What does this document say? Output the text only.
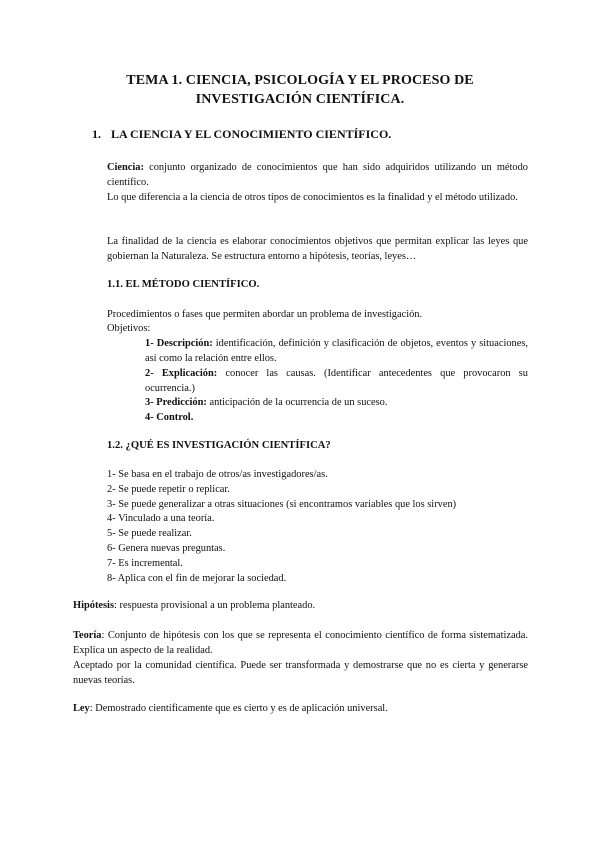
TEMA 1. CIENCIA, PSICOLOGÍA Y EL PROCESO DE
INVESTIGACIÓN CIENTÍFICA.
1. LA CIENCIA Y EL CONOCIMIENTO CIENTÍFICO.
Ciencia: conjunto organizado de conocimientos que han sido adquiridos utilizando un método científico.
Lo que diferencia a la ciencia de otros tipos de conocimientos es la finalidad y el método utilizado.
La finalidad de la ciencia es elaborar conocimientos objetivos que permitan explicar las leyes que gobiernan la Naturaleza. Se estructura entorno a hipótesis, teorías, leyes…
1.1. EL MÉTODO CIENTÍFICO.
Procedimientos o fases que permiten abordar un problema de investigación.
Objetivos:
1- Descripción: identificación, definición y clasificación de objetos, eventos y situaciones, así como la relación entre ellos.
2- Explicación: conocer las causas. (Identificar antecedentes que provocaron su ocurrencia.)
3- Predicción: anticipación de la ocurrencia de un suceso.
4- Control.
1.2. ¿QUÉ ES INVESTIGACIÓN CIENTÍFICA?
1- Se basa en el trabajo de otros/as investigadores/as.
2- Se puede repetir o replicar.
3- Se puede generalizar a otras situaciones (si encontramos variables que los sirven)
4- Vinculado a una teoría.
5- Se puede realizar.
6- Genera nuevas preguntas.
7- Es incremental.
8- Aplica con el fin de mejorar la sociedad.
Hipótesis: respuesta provisional a un problema planteado.
Teoría: Conjunto de hipótesis con los que se representa el conocimiento científico de forma sistematizada. Explica un aspecto de la realidad.
Aceptado por la comunidad científica. Puede ser transformada y demostrarse que no es cierta y generarse nuevas teorías.
Ley: Demostrado científicamente que es cierto y es de aplicación universal.
